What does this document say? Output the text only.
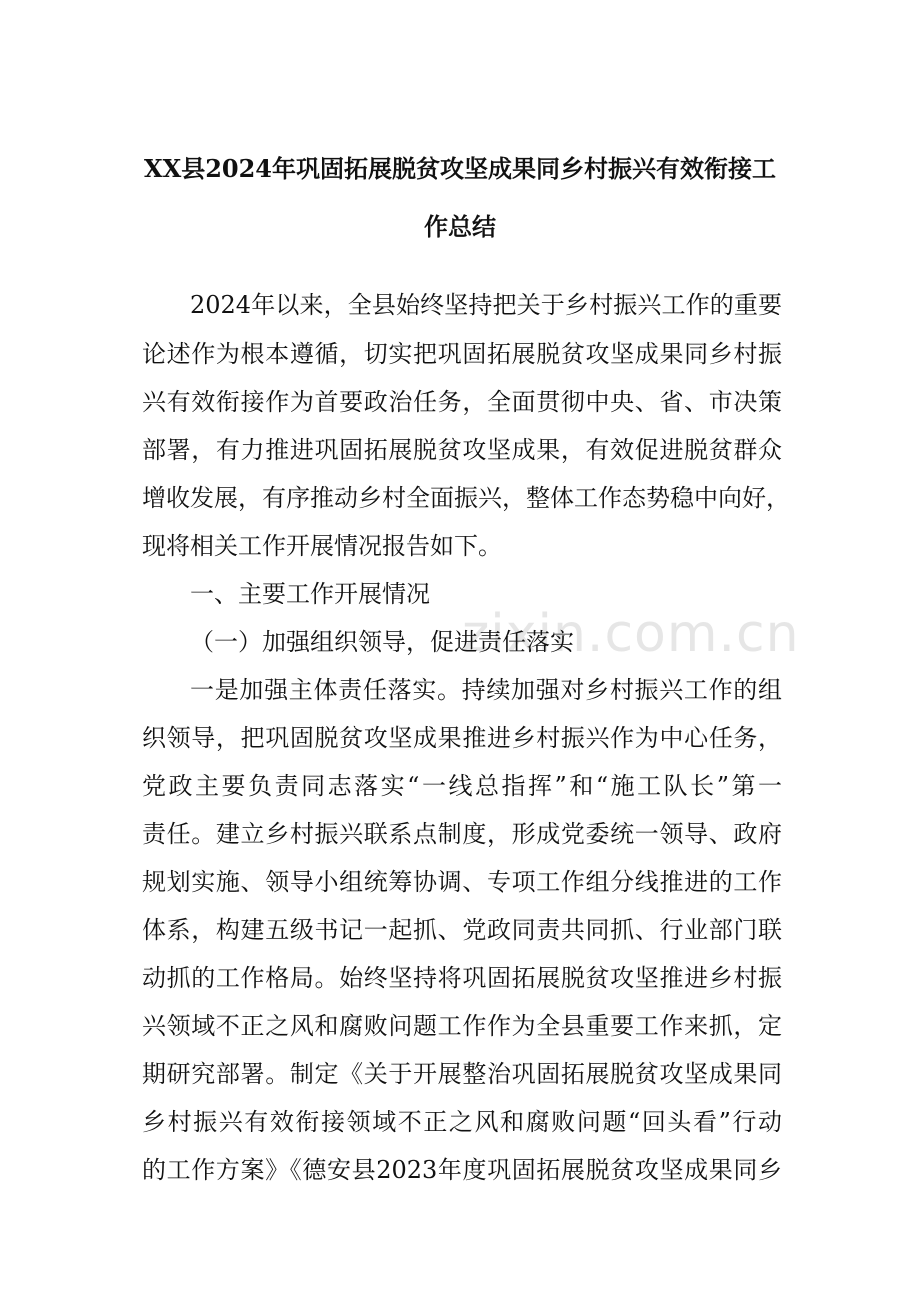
zixin.com.cn
XX县2024年巩固拓展脱贫攻坚成果同乡村振兴有效衔接工
作总结
2024年以来，全县始终坚持把关于乡村振兴工作的重要
论述作为根本遵循，切实把巩固拓展脱贫攻坚成果同乡村振
兴有效衔接作为首要政治任务，全面贯彻中央、省、市决策
部署，有力推进巩固拓展脱贫攻坚成果，有效促进脱贫群众
增收发展，有序推动乡村全面振兴，整体工作态势稳中向好，
现将相关工作开展情况报告如下。
一、主要工作开展情况
（一）加强组织领导，促进责任落实
一是加强主体责任落实。持续加强对乡村振兴工作的组
织领导，把巩固脱贫攻坚成果推进乡村振兴作为中心任务，
党政主要负责同志落实“一线总指挥”和“施工队长”第一
责任。建立乡村振兴联系点制度，形成党委统一领导、政府
规划实施、领导小组统筹协调、专项工作组分线推进的工作
体系，构建五级书记一起抓、党政同责共同抓、行业部门联
动抓的工作格局。始终坚持将巩固拓展脱贫攻坚推进乡村振
兴领域不正之风和腐败问题工作作为全县重要工作来抓，定
期研究部署。制定《关于开展整治巩固拓展脱贫攻坚成果同
乡村振兴有效衔接领域不正之风和腐败问题“回头看”行动
的工作方案》《德安县2023年度巩固拓展脱贫攻坚成果同乡
